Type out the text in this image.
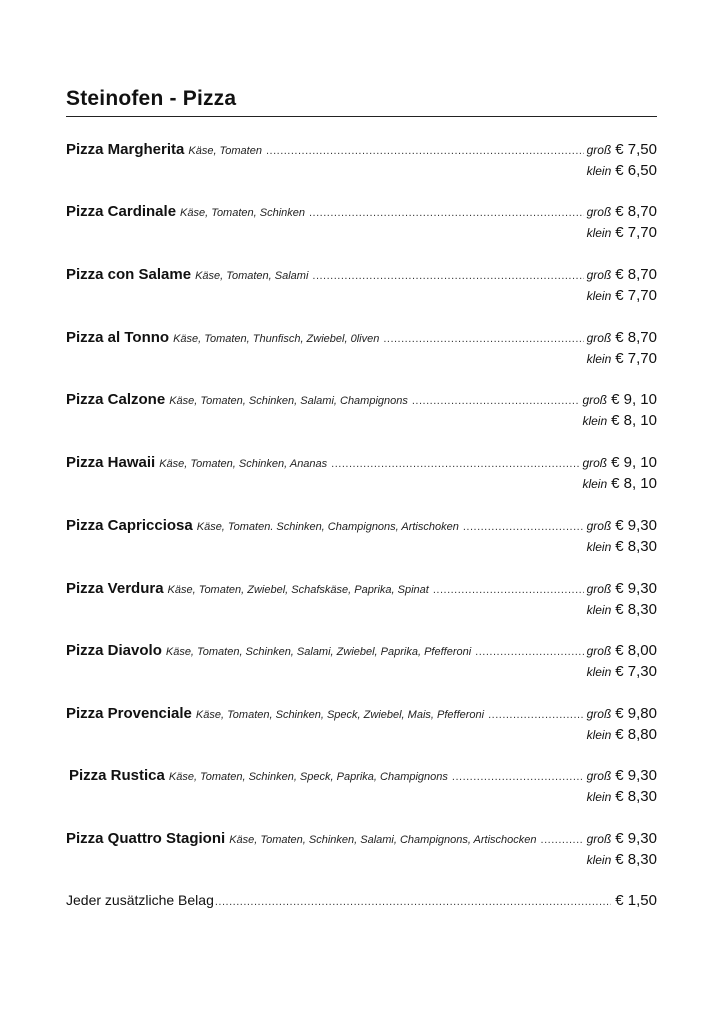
Steinofen - Pizza
Pizza Margherita Käse, Tomaten .....	groß € 7,50
klein € 6,50
Pizza Cardinale Käse, Tomaten, Schinken .....	groß € 8,70
klein € 7,70
Pizza con Salame Käse, Tomaten, Salami .....	groß € 8,70
klein € 7,70
Pizza al Tonno Käse, Tomaten, Thunfisch, Zwiebel, 0liven .....	groß € 8,70
klein € 7,70
Pizza Calzone Käse, Tomaten, Schinken, Salami, Champignons .....	groß € 9, 10
klein € 8, 10
Pizza Hawaii Käse, Tomaten, Schinken, Ananas .....	groß € 9, 10
klein € 8, 10
Pizza Capricciosa Käse, Tomaten. Schinken, Champignons, Artischoken .....	groß € 9,30
klein € 8,30
Pizza Verdura Käse, Tomaten, Zwiebel, Schafskäse, Paprika, Spinat .....	groß € 9,30
klein € 8,30
Pizza Diavolo Käse, Tomaten, Schinken, Salami, Zwiebel, Paprika, Pfefferoni .....	groß € 8,00
klein € 7,30
Pizza Provenciale Käse, Tomaten, Schinken, Speck, Zwiebel, Mais, Pfefferoni .....	groß € 9,80
klein € 8,80
Pizza Rustica Käse, Tomaten, Schinken, Speck, Paprika, Champignons .....	groß € 9,30
klein € 8,30
Pizza Quattro Stagioni Käse, Tomaten, Schinken, Salami, Champignons, Artischocken .....	groß € 9,30
klein € 8,30
Jeder zusätzliche Belag .....	€ 1,50
